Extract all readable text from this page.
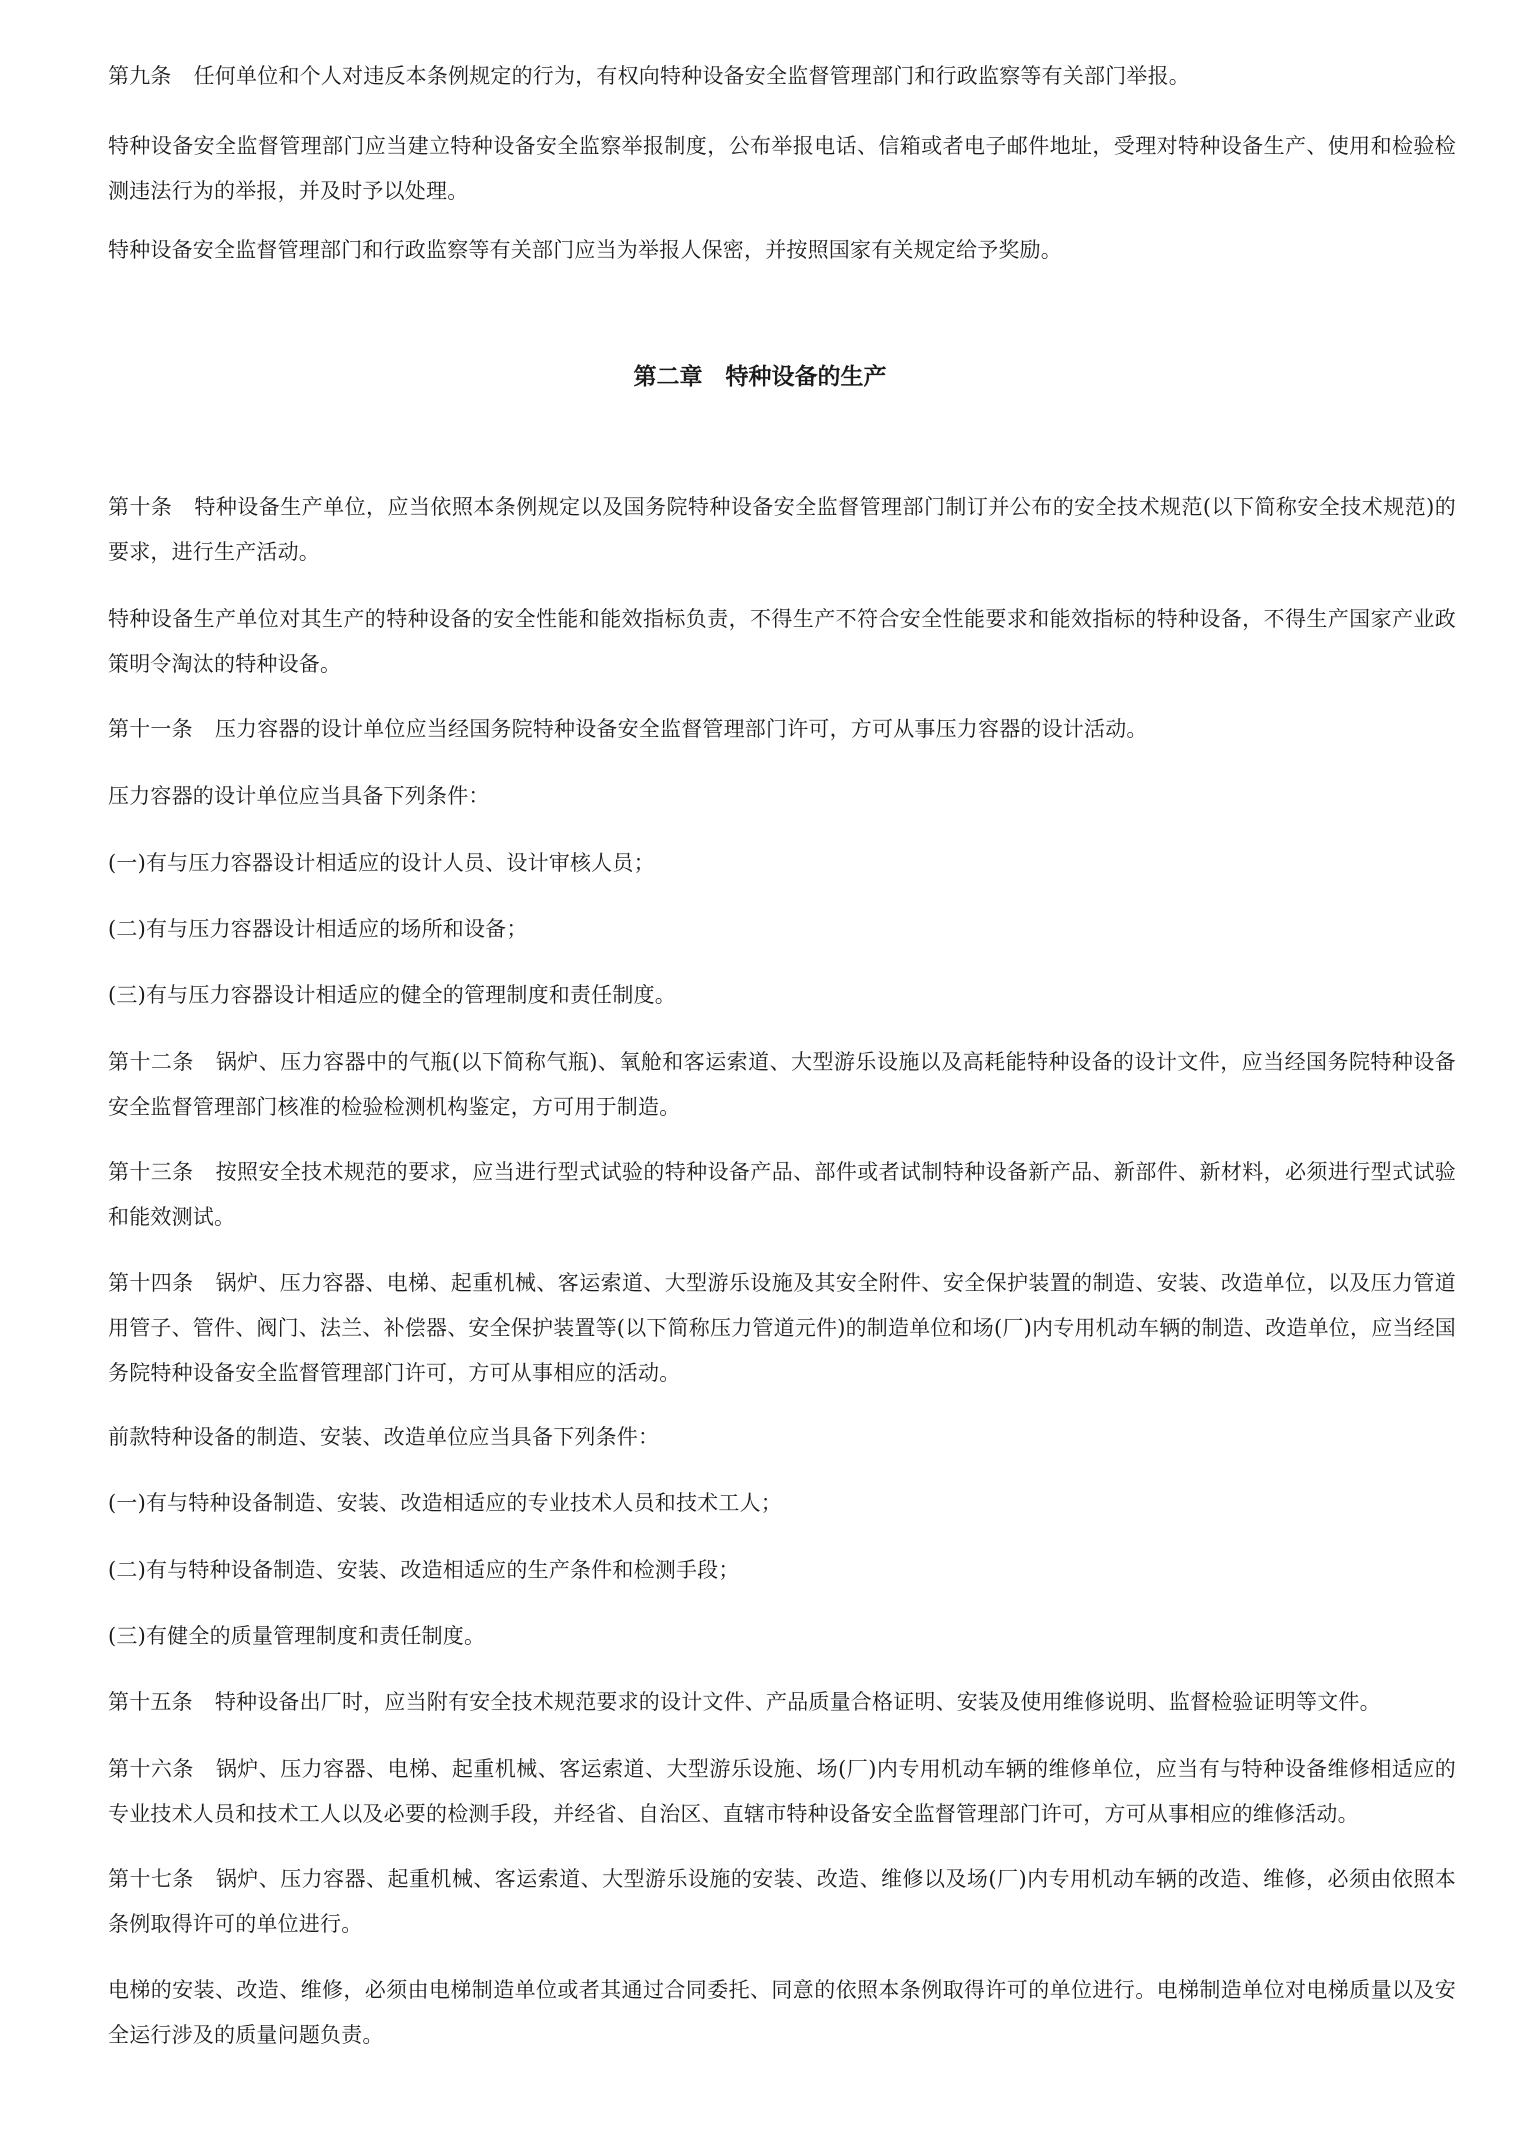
第九条 任何单位和个人对违反本条例规定的行为，有权向特种设备安全监督管理部门和行政监察等有关部门举报。

特种设备安全监督管理部门应当建立特种设备安全监察举报制度，公布举报电话、信箱或者电子邮件地址，受理对特种设备生产、使用和检验检测违法行为的举报，并及时予以处理。

特种设备安全监督管理部门和行政监察等有关部门应当为举报人保密，并按照国家有关规定给予奖励。

第二章　特种设备的生产

第十条 特种设备生产单位，应当依照本条例规定以及国务院特种设备安全监督管理部门制订并公布的安全技术规范(以下简称安全技术规范)的要求，进行生产活动。

特种设备生产单位对其生产的特种设备的安全性能和能效指标负责，不得生产不符合安全性能要求和能效指标的特种设备，不得生产国家产业政策明令淘汰的特种设备。

第十一条 压力容器的设计单位应当经国务院特种设备安全监督管理部门许可，方可从事压力容器的设计活动。

压力容器的设计单位应当具备下列条件：

(一)有与压力容器设计相适应的设计人员、设计审核人员；

(二)有与压力容器设计相适应的场所和设备；

(三)有与压力容器设计相适应的健全的管理制度和责任制度。

第十二条 锅炉、压力容器中的气瓶(以下简称气瓶)、氧舱和客运索道、大型游乐设施以及高耗能特种设备的设计文件，应当经国务院特种设备安全监督管理部门核准的检验检测机构鉴定，方可用于制造。

第十三条 按照安全技术规范的要求，应当进行型式试验的特种设备产品、部件或者试制特种设备新产品、新部件、新材料，必须进行型式试验和能效测试。

第十四条 锅炉、压力容器、电梯、起重机械、客运索道、大型游乐设施及其安全附件、安全保护装置的制造、安装、改造单位，以及压力管道用管子、管件、阀门、法兰、补偿器、安全保护装置等(以下简称压力管道元件)的制造单位和场(厂)内专用机动车辆的制造、改造单位，应当经国务院特种设备安全监督管理部门许可，方可从事相应的活动。

前款特种设备的制造、安装、改造单位应当具备下列条件：

(一)有与特种设备制造、安装、改造相适应的专业技术人员和技术工人；

(二)有与特种设备制造、安装、改造相适应的生产条件和检测手段；

(三)有健全的质量管理制度和责任制度。

第十五条 特种设备出厂时，应当附有安全技术规范要求的设计文件、产品质量合格证明、安装及使用维修说明、监督检验证明等文件。

第十六条 锅炉、压力容器、电梯、起重机械、客运索道、大型游乐设施、场(厂)内专用机动车辆的维修单位，应当有与特种设备维修相适应的专业技术人员和技术工人以及必要的检测手段，并经省、自治区、直辖市特种设备安全监督管理部门许可，方可从事相应的维修活动。

第十七条 锅炉、压力容器、起重机械、客运索道、大型游乐设施的安装、改造、维修以及场(厂)内专用机动车辆的改造、维修，必须由依照本条例取得许可的单位进行。

电梯的安装、改造、维修，必须由电梯制造单位或者其通过合同委托、同意的依照本条例取得许可的单位进行。电梯制造单位对电梯质量以及安全运行涉及的质量问题负责。
